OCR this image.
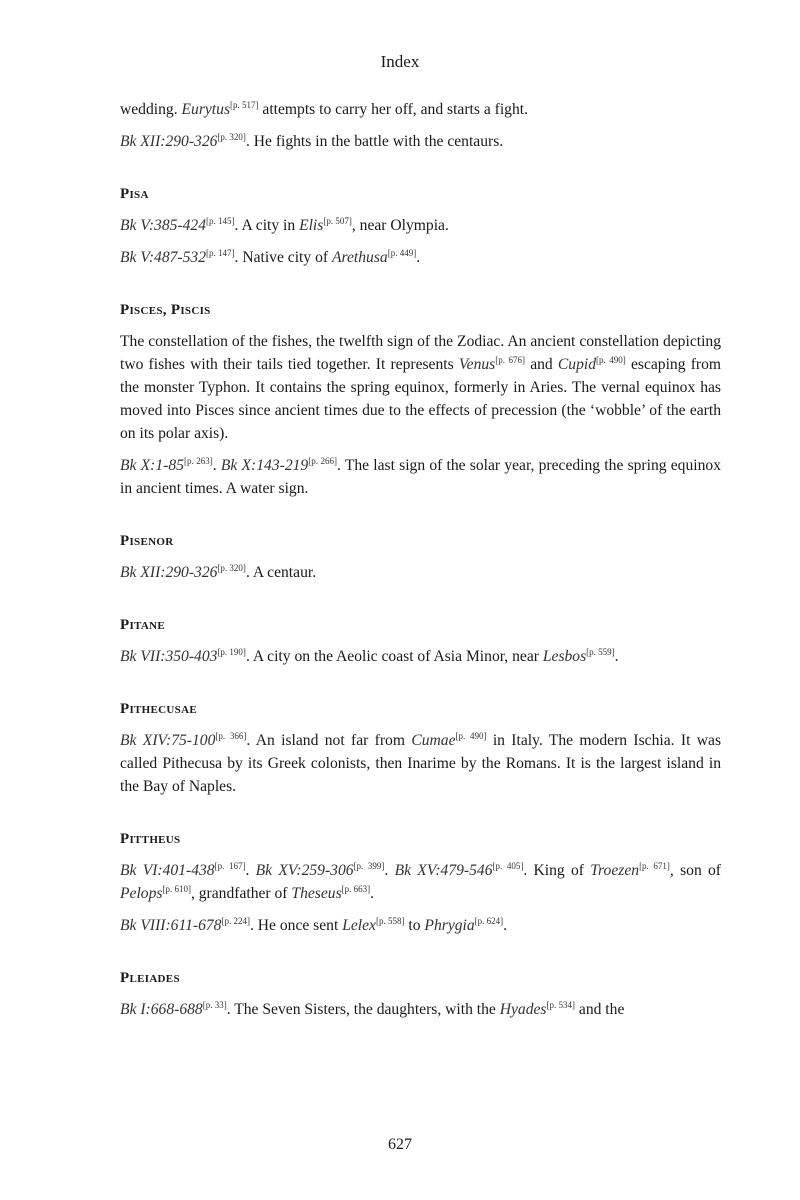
Index

wedding. Eurytus[p. 517] attempts to carry her off, and starts a fight.

Bk XII:290-326[p. 320]. He fights in the battle with the centaurs.

Pisa

Bk V:385-424[p. 145]. A city in Elis[p. 507], near Olympia.

Bk V:487-532[p. 147]. Native city of Arethusa[p. 449].

Pisces, Piscis

The constellation of the fishes, the twelfth sign of the Zodiac. An ancient constellation depicting two fishes with their tails tied together. It represents Venus[p. 676] and Cupid[p. 490] escaping from the monster Typhon. It contains the spring equinox, formerly in Aries. The vernal equinox has moved into Pisces since ancient times due to the effects of precession (the ‘wobble’ of the earth on its polar axis).

Bk X:1-85[p. 263]. Bk X:143-219[p. 266]. The last sign of the solar year, preceding the spring equinox in ancient times. A water sign.

Pisenor

Bk XII:290-326[p. 320]. A centaur.

Pitane

Bk VII:350-403[p. 190]. A city on the Aeolic coast of Asia Minor, near Lesbos[p. 559].

Pithecusae

Bk XIV:75-100[p. 366]. An island not far from Cumae[p. 490] in Italy. The modern Ischia. It was called Pithecusa by its Greek colonists, then Inarime by the Romans. It is the largest island in the Bay of Naples.

Pittheus

Bk VI:401-438[p. 167]. Bk XV:259-306[p. 399]. Bk XV:479-546[p. 405]. King of Troezen[p. 671], son of Pelops[p. 610], grandfather of Theseus[p. 663].

Bk VIII:611-678[p. 224]. He once sent Lelex[p. 558] to Phrygia[p. 624].

Pleiades

Bk I:668-688[p. 33]. The Seven Sisters, the daughters, with the Hyades[p. 534] and the

627
